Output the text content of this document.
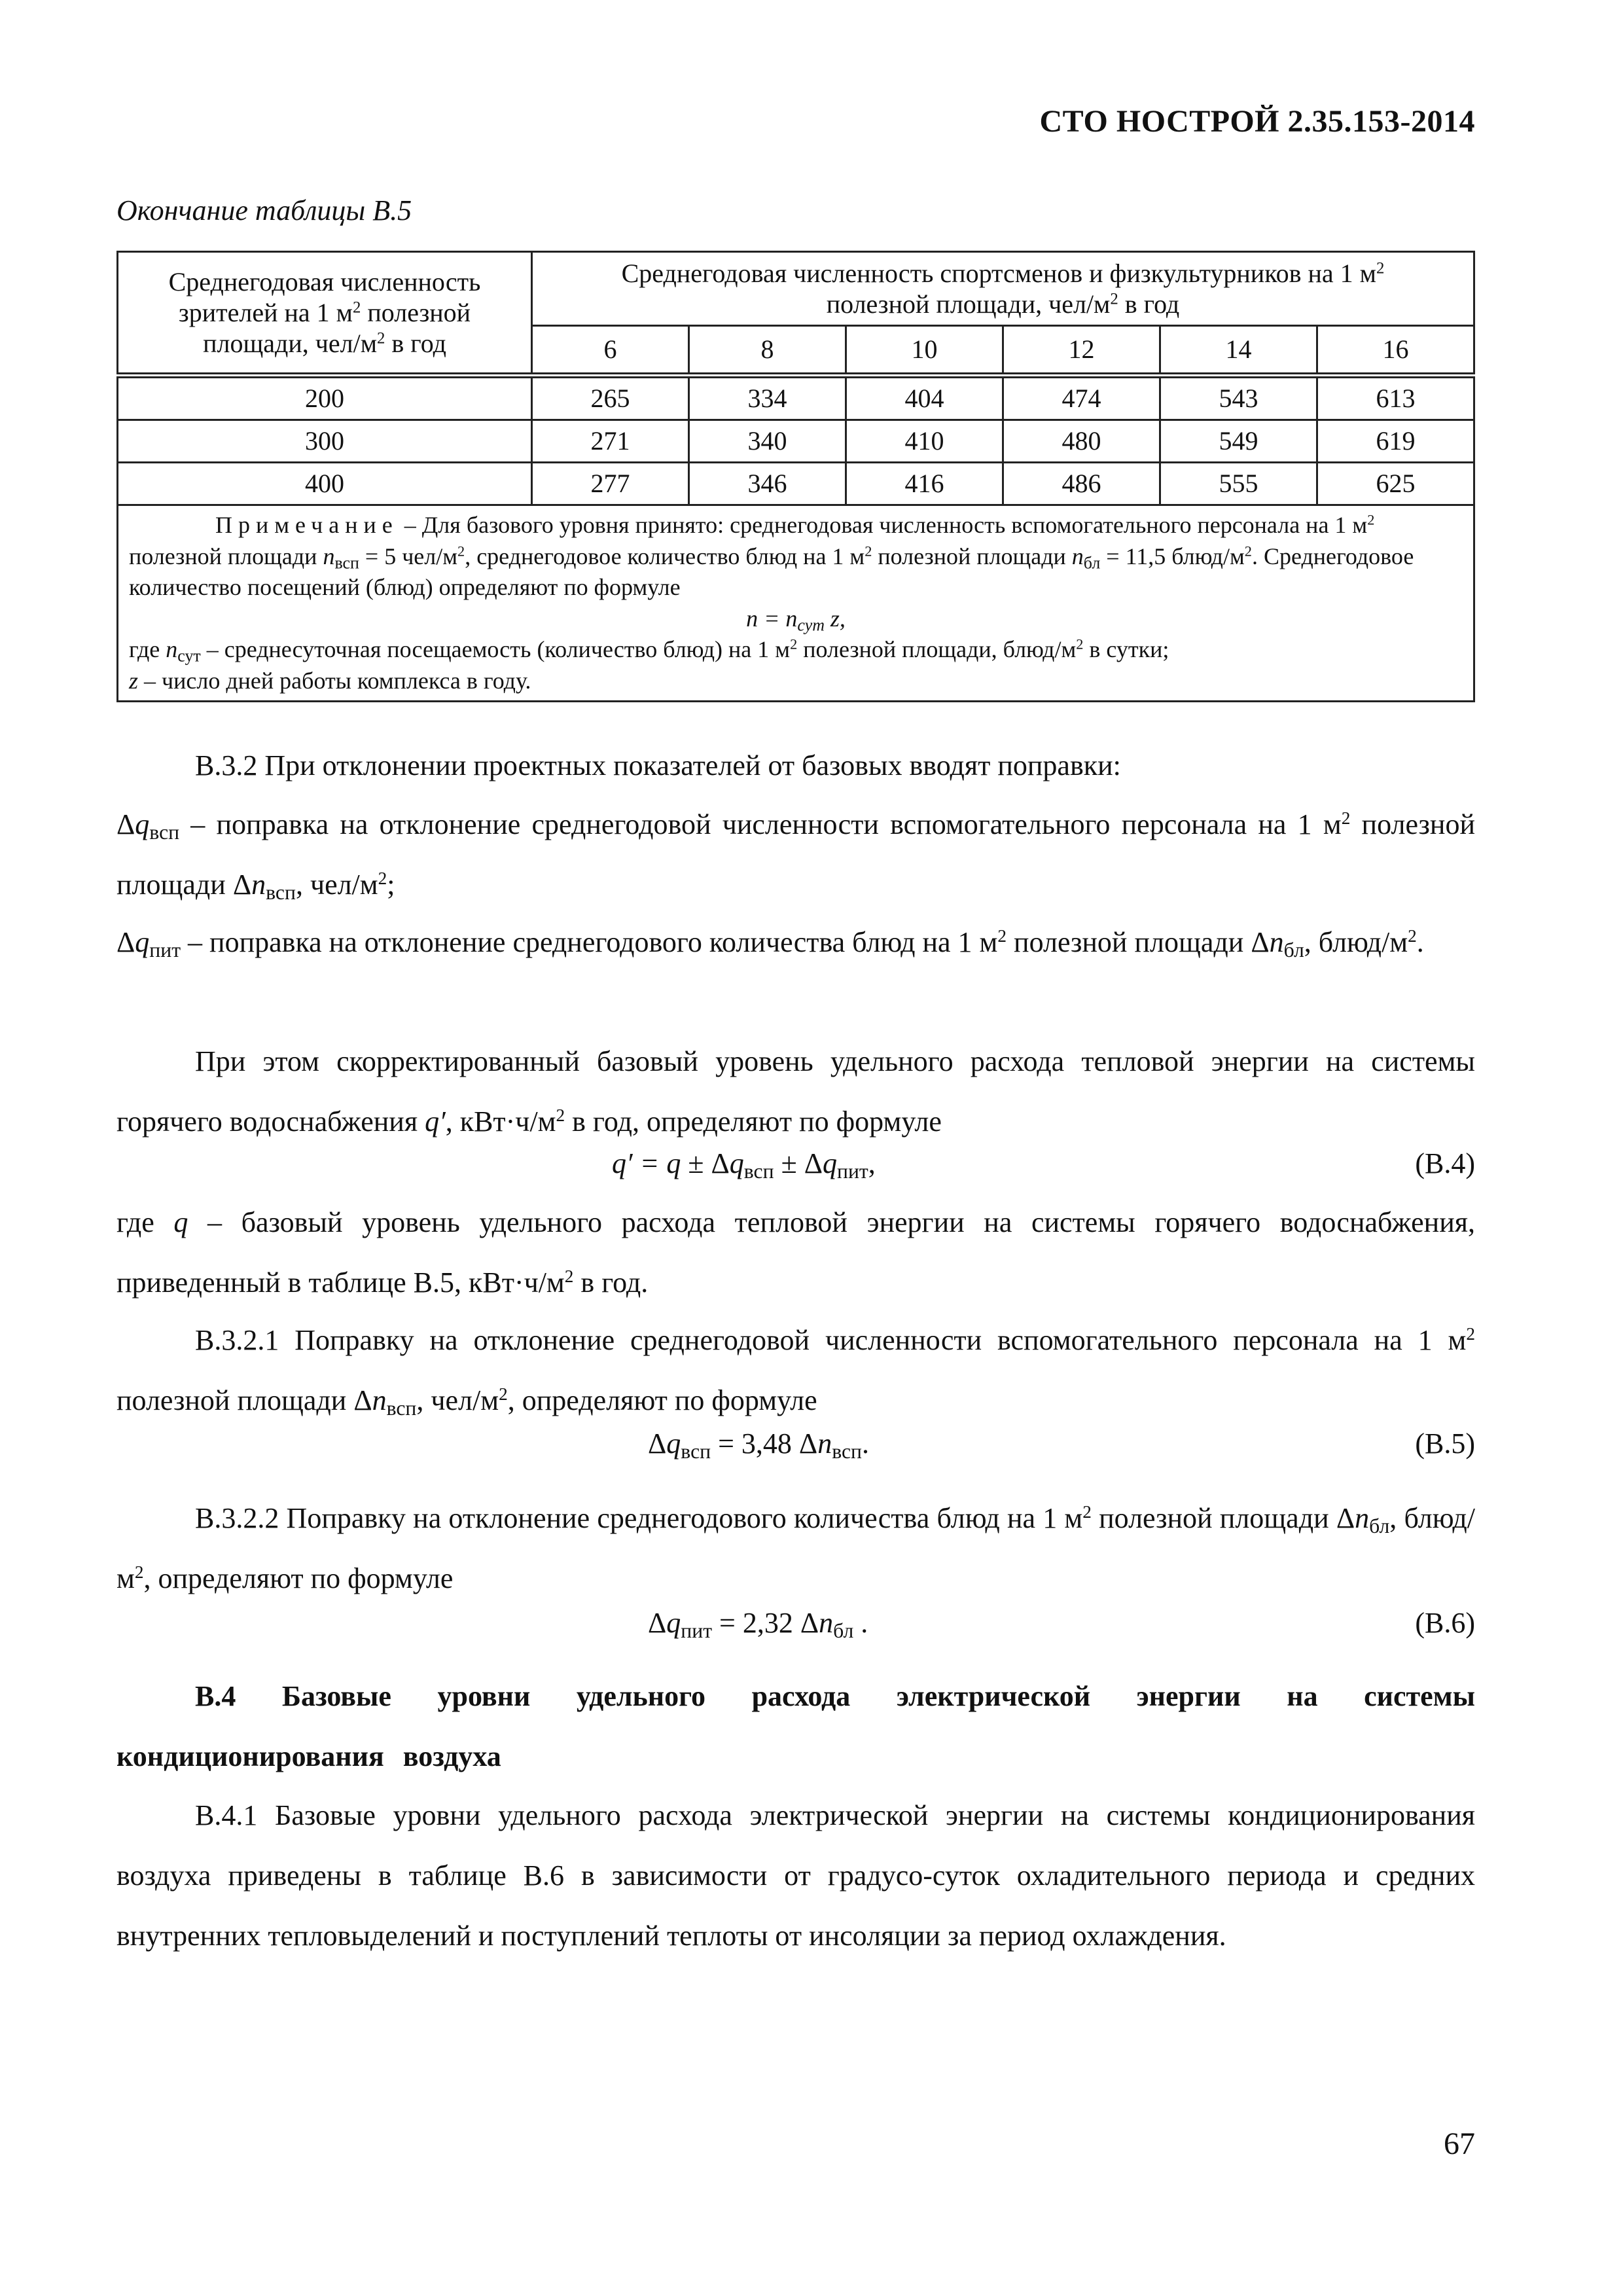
СТО НОСТРОЙ 2.35.153-2014
Окончание таблицы В.5
Среднегодовая численность
зрителей на 1 $м^2$ полезной
площади, чел/$м^2$ в год	Среднегодовая численность спортсменов и физкультурников на 1 $м^2$
полезной площади, чел/$м^2$ в год					
	6	8	10	12	14	16
200	265	334	404	474	543	613
300	271	340	410	480	549	619
400	277	346	416	486	555	625
Примечание – Для базового уровня принято: среднегодовая численность вспомогательного персонала на 1 $м^2$ полезной площади $n_{всп} = 5$ чел/$м^2$, среднегодовое количество блюд на 1 $м^2$ полезной площади $n_{бл} = 11,5$ блюд/$м^2$. Среднегодовое количество посещений (блюд) определяют по формуле
$n = n_{сут}$ z,
где $n_{сут}$ – среднесуточная посещаемость (количество блюд) на 1 $м^2$ полезной площади, блюд/$м^2$ в сутки;
z – число дней работы комплекса в году.						
В.3.2 При отклонении проектных показателей от базовых вводят поправки:
$\Delta q_{всп}$ – поправка на отклонение среднегодовой численности вспомогательного персонала на 1 $м^2$ полезной площади $\Delta n_{всп}$, чел/$м^2$;
$\Delta q_{пит}$ – поправка на отклонение среднегодового количества блюд на 1 $м^2$ полезной площади $\Delta n_{бл}$, блюд/$м^2$.
При этом скорректированный базовый уровень удельного расхода тепловой энергии на системы горячего водоснабжения q′, $кВт\cdot ч/м^2$ в год, определяют по формуле
$q' = q \pm \Delta q_{всп} \pm \Delta q_{пит}$,	(В.4)
где q – базовый уровень удельного расхода тепловой энергии на системы горячего водоснабжения, приведенный в таблице В.5, $кВт\cdot ч/м^2$ в год.
В.3.2.1 Поправку на отклонение среднегодовой численности вспомогательного персонала на 1 $м^2$ полезной площади $\Delta n_{всп}$, чел/$м^2$, определяют по формуле
$\Delta q_{всп} = 3,48$ $\Delta n_{всп}$.	(В.5)
В.3.2.2 Поправку на отклонение среднегодового количества блюд на 1 $м^2$ полезной площади $\Delta n_{бл}$, блюд/$м^2$, определяют по формуле
$\Delta q_{пит} = 2,32$ $\Delta n_{бл}$ .	(В.6)
В.4 Базовые уровни удельного расхода электрической энергии на системы кондиционирования воздуха
В.4.1 Базовые уровни удельного расхода электрической энергии на системы кондиционирования воздуха приведены в таблице В.6 в зависимости от градусо-суток охладительного периода и средних внутренних тепловыделений и поступлений теплоты от инсоляции за период охлаждения.
67
